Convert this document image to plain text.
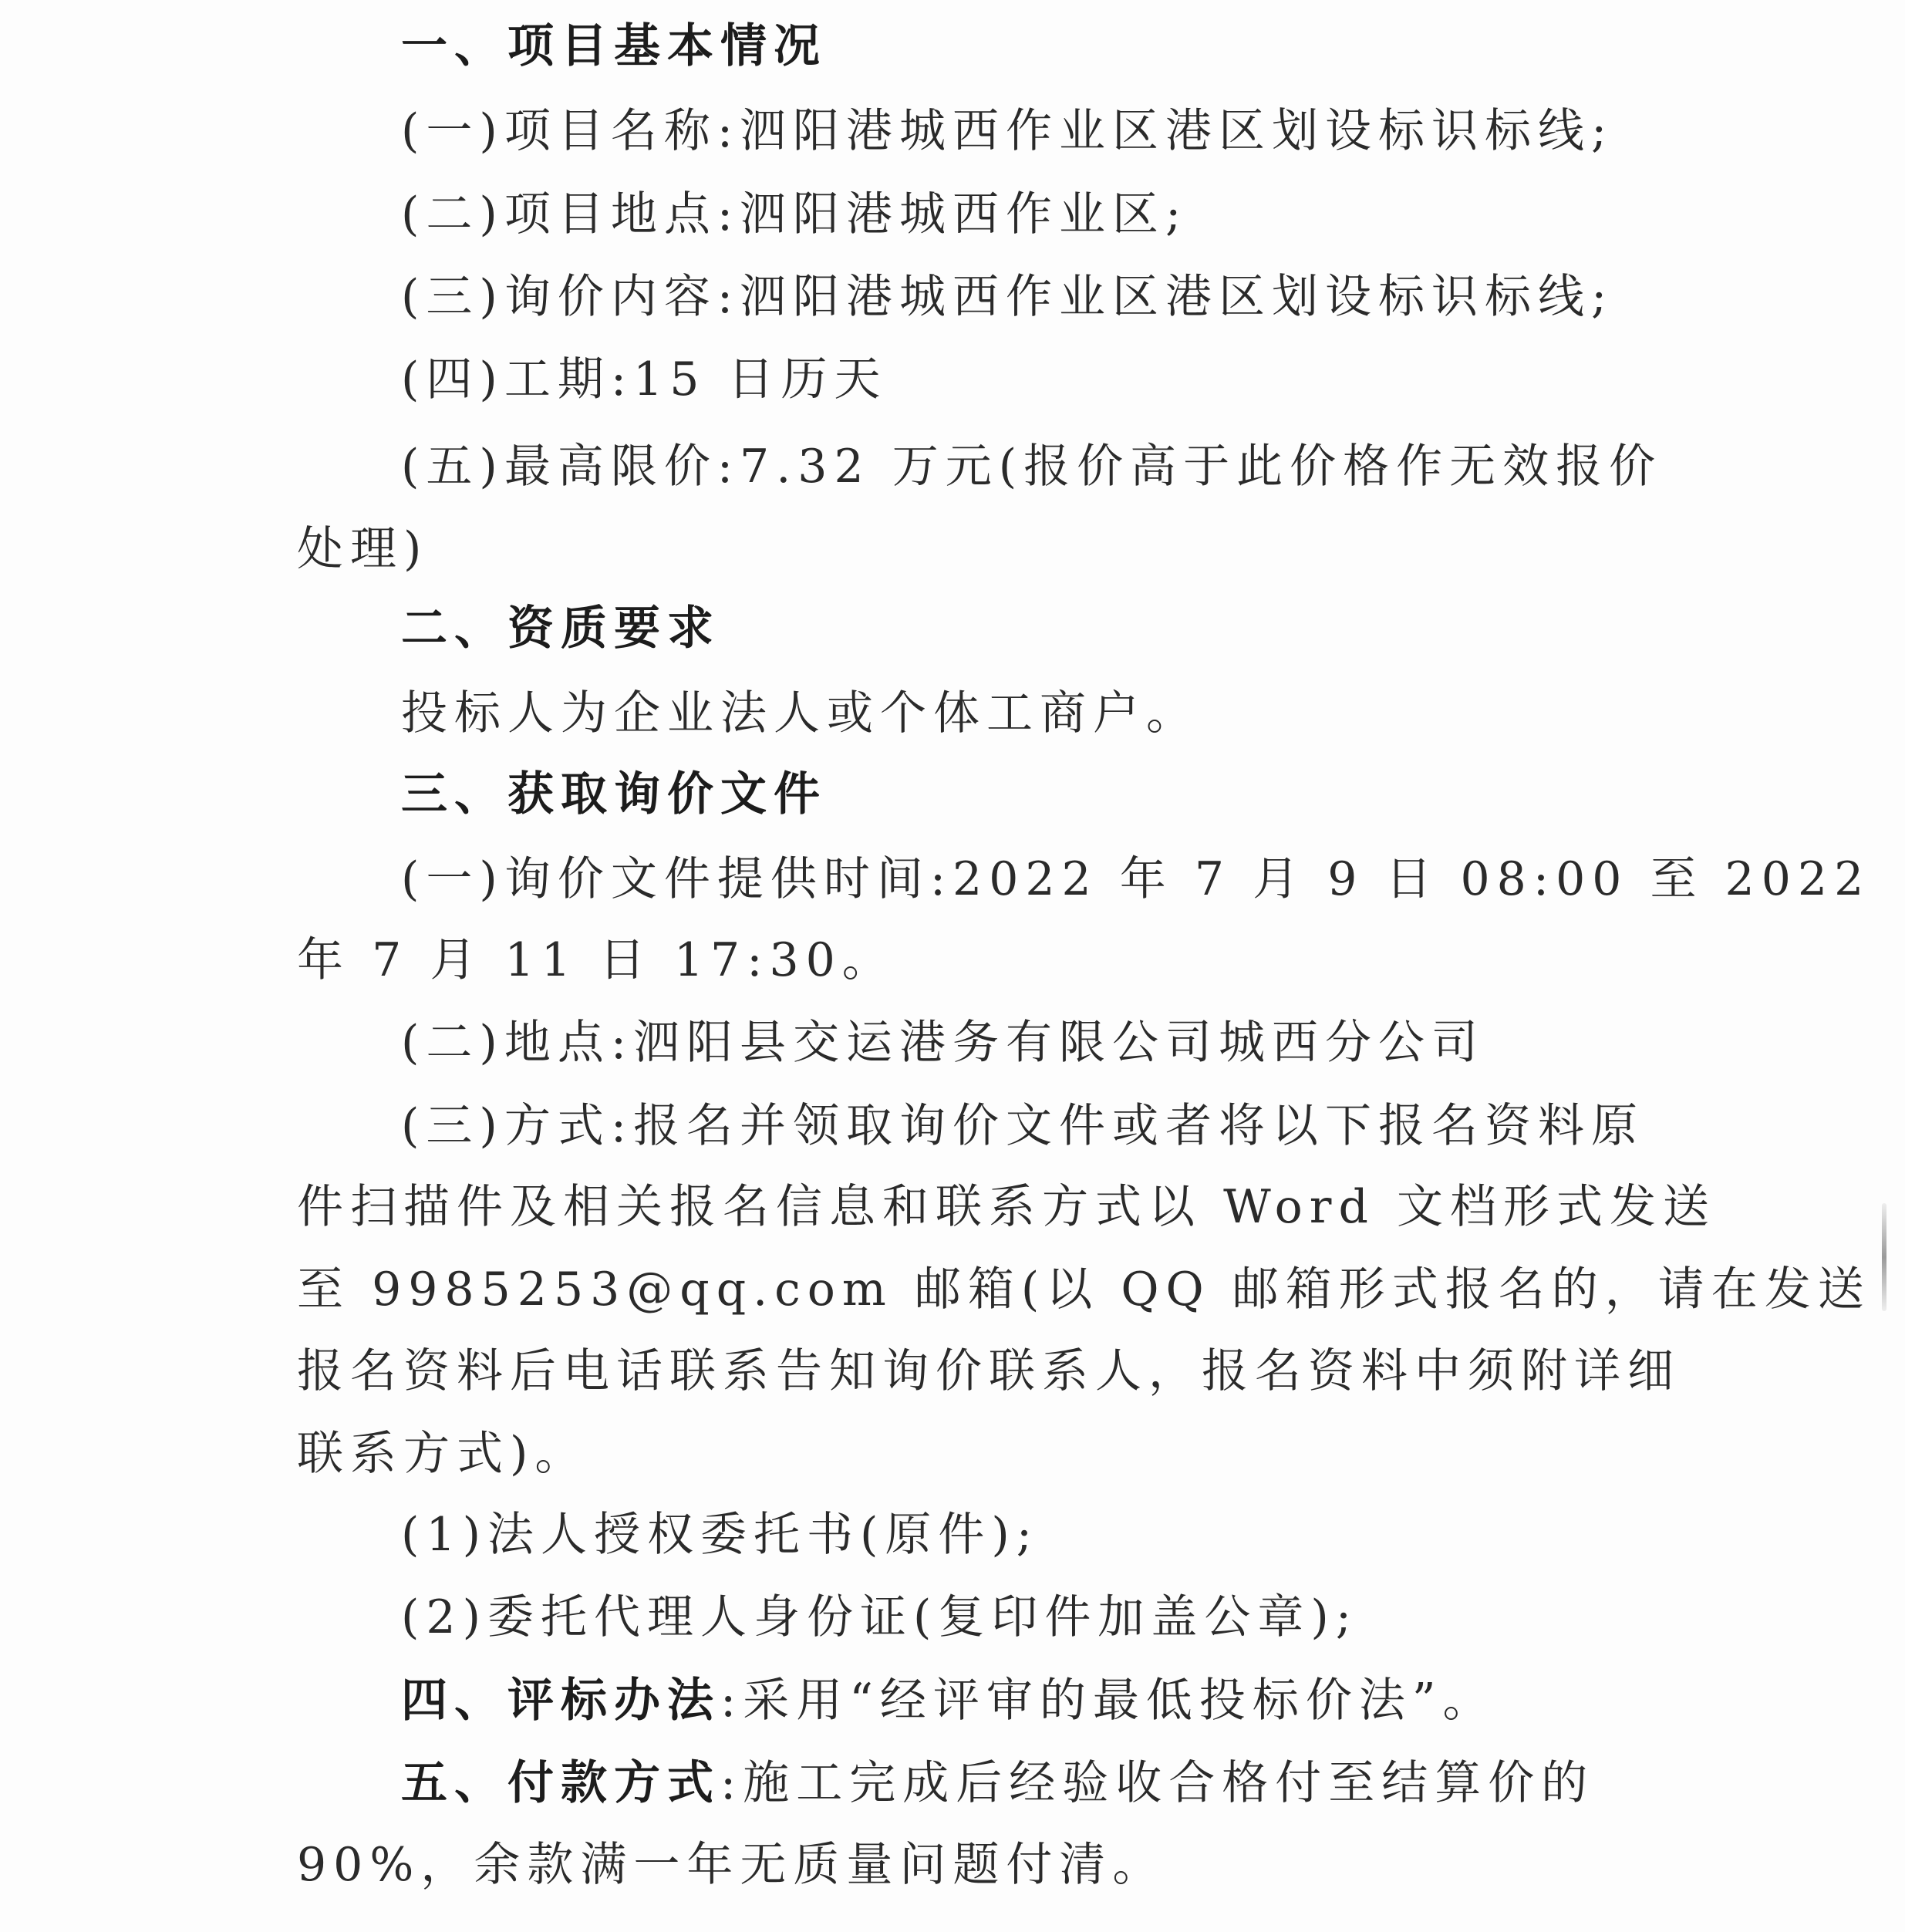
一、项目基本情况
(一)项目名称:泗阳港城西作业区港区划设标识标线;
(二)项目地点:泗阳港城西作业区;
(三)询价内容:泗阳港城西作业区港区划设标识标线;
(四)工期:15 日历天
(五)最高限价:7.32 万元(报价高于此价格作无效报价
处理)
二、资质要求
投标人为企业法人或个体工商户。
三、获取询价文件
(一)询价文件提供时间:2022 年 7 月 9 日 08:00 至 2022
年 7 月 11 日 17:30。
(二)地点:泗阳县交运港务有限公司城西分公司
(三)方式:报名并领取询价文件或者将以下报名资料原
件扫描件及相关报名信息和联系方式以 Word 文档形式发送
至 9985253@qq.com 邮箱(以 QQ 邮箱形式报名的，请在发送
报名资料后电话联系告知询价联系人，报名资料中须附详细
联系方式)。
(1)法人授权委托书(原件);
(2)委托代理人身份证(复印件加盖公章);
四、评标办法:采用“经评审的最低投标价法”。
五、付款方式:施工完成后经验收合格付至结算价的
90%，余款满一年无质量问题付清。
